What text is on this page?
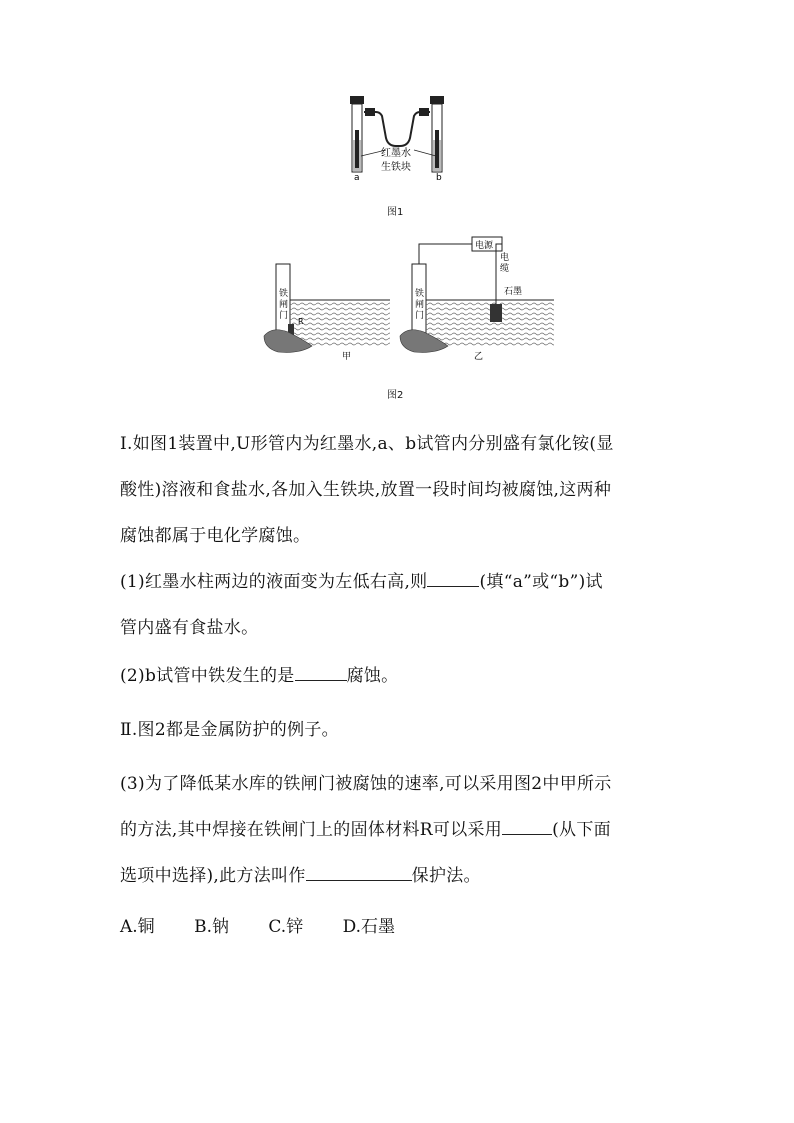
红墨水
生铁块
a	b
图1
铁
闸
门
R
甲
电源
电
缆
石墨
铁
闸
门
乙
图2
Ⅰ.如图1装置中,U形管内为红墨水,a、b试管内分别盛有氯化铵(显
酸性)溶液和食盐水,各加入生铁块,放置一段时间均被腐蚀,这两种
腐蚀都属于电化学腐蚀。
(1)红墨水柱两边的液面变为左低右高,则	(填“a”或“b”)试
管内盛有食盐水。
(2)b试管中铁发生的是	腐蚀。
Ⅱ.图2都是金属防护的例子。
(3)为了降低某水库的铁闸门被腐蚀的速率,可以采用图2中甲所示
的方法,其中焊接在铁闸门上的固体材料R可以采用	(从下面
选项中选择),此方法叫作	保护法。
A.铜 B.钠 C.锌 D.石墨
